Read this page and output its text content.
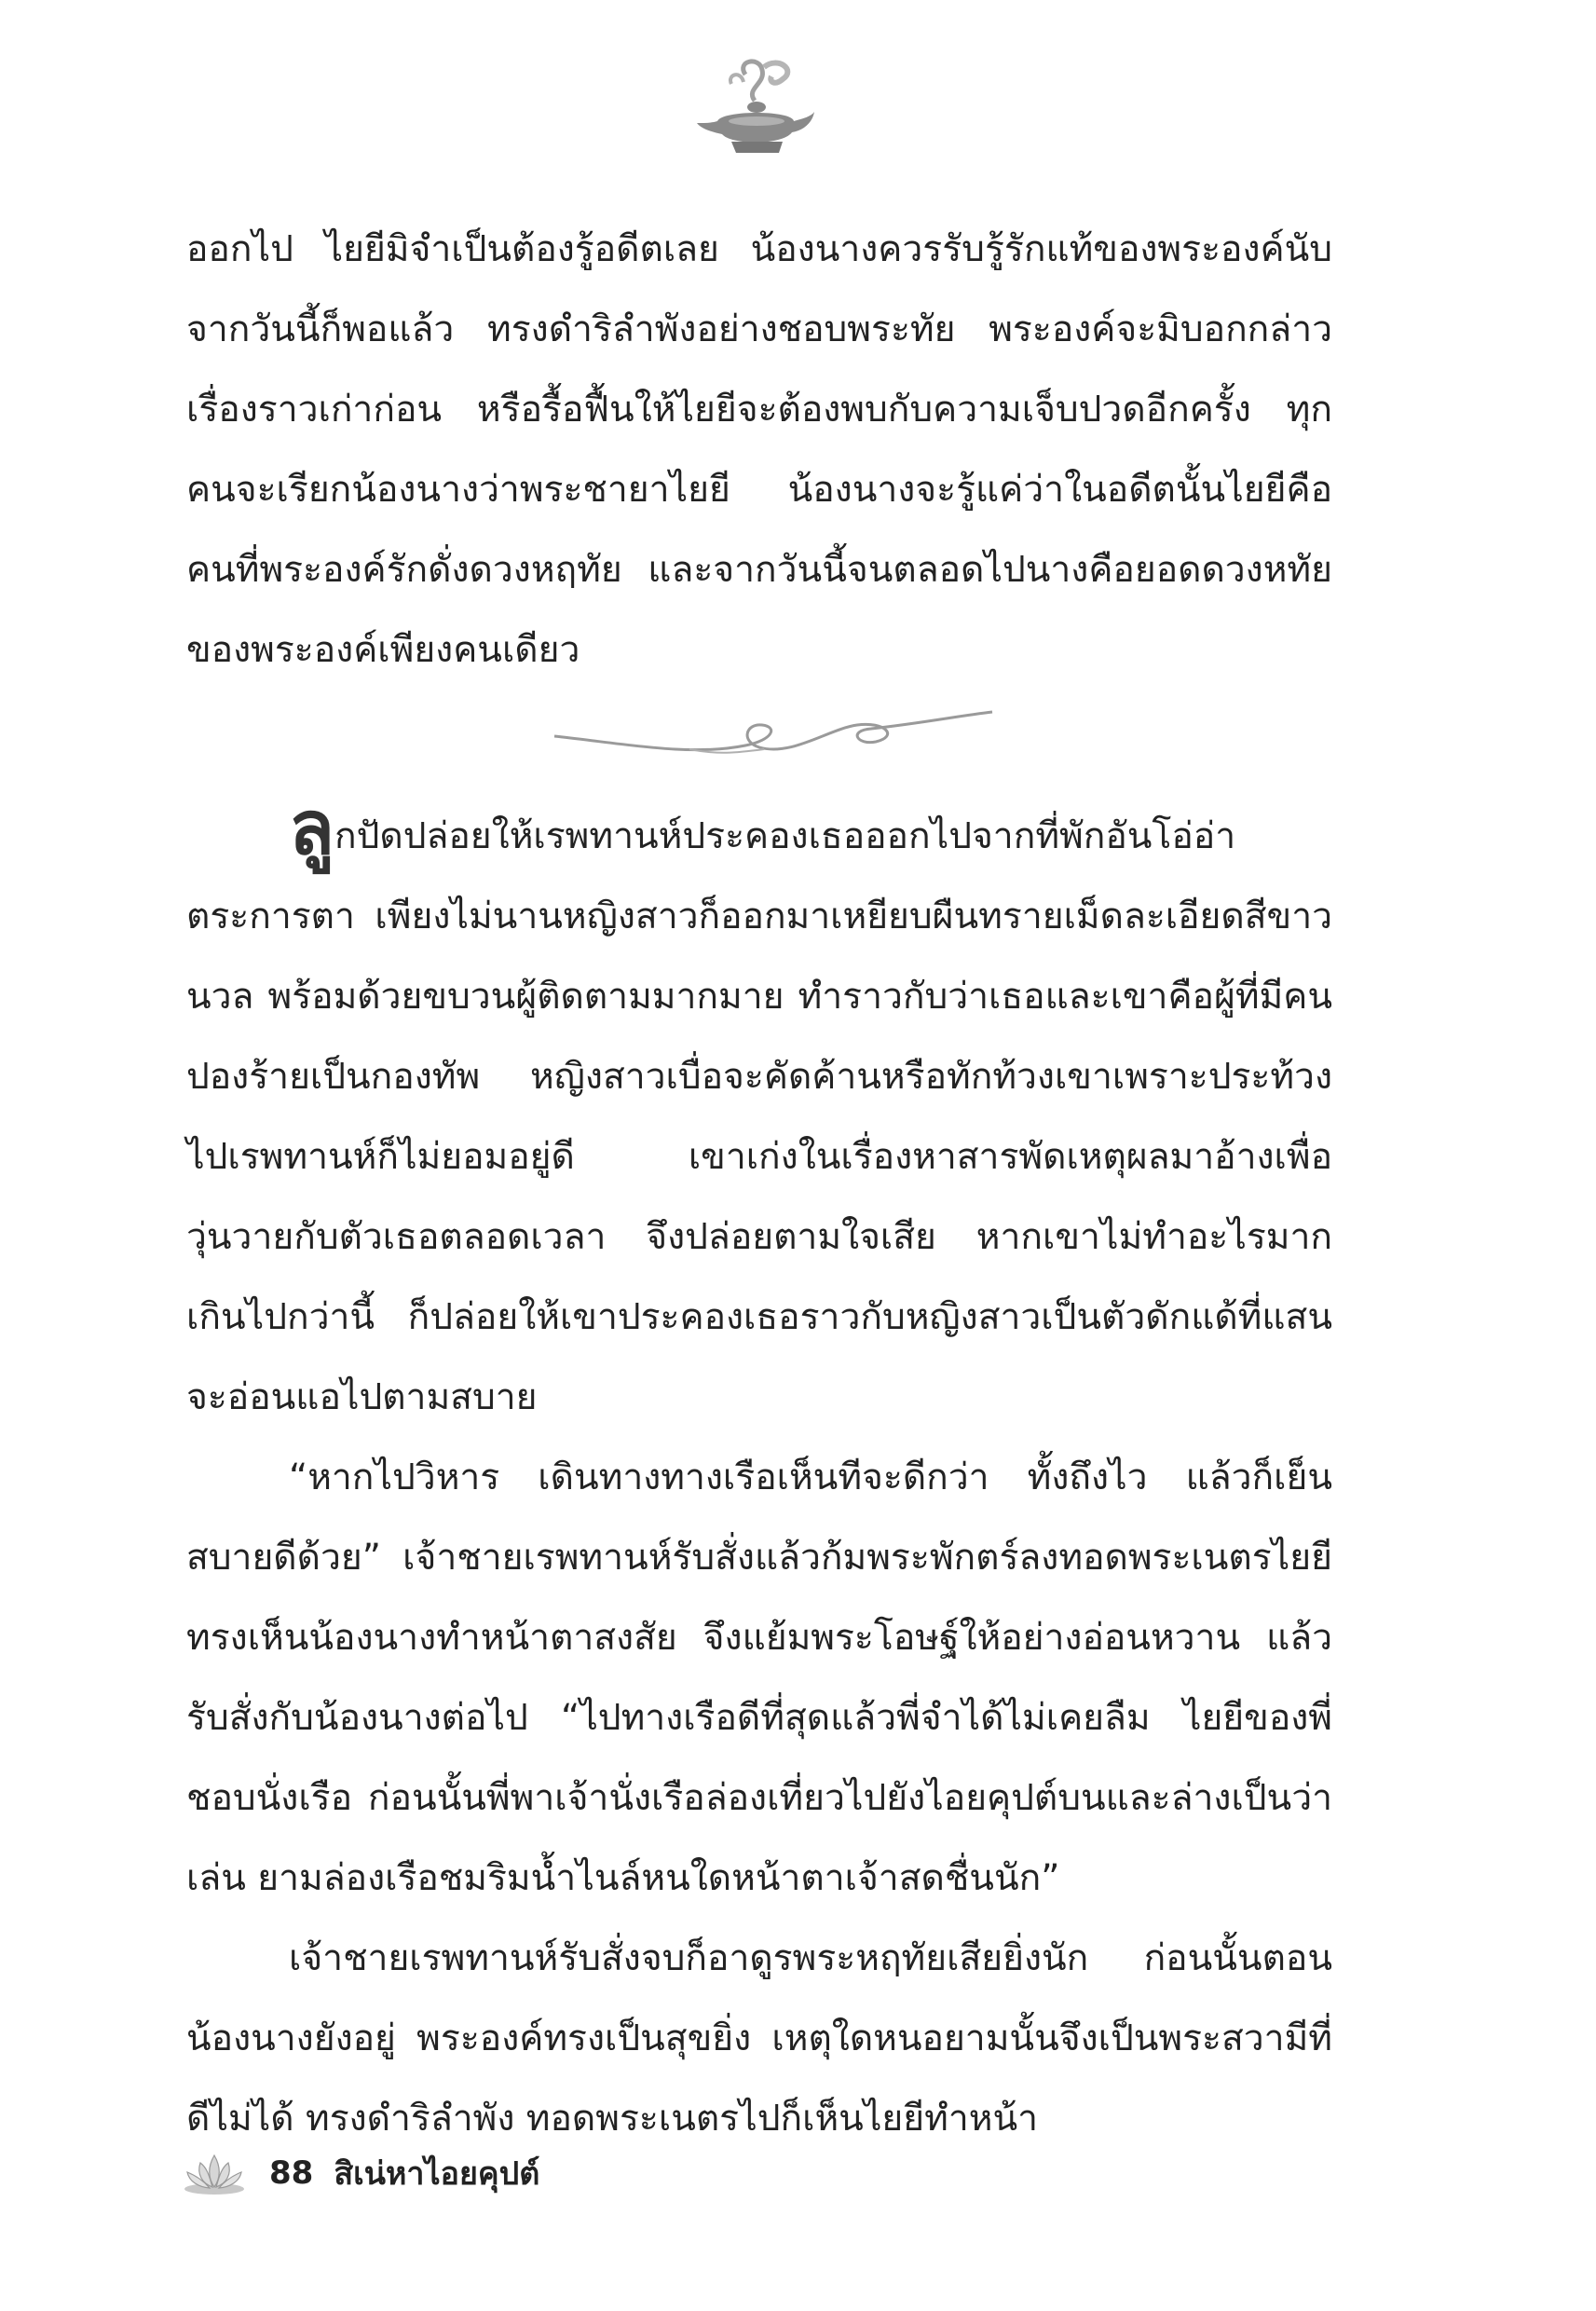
ออกไป ไยยีมิจำเป็นต้องรู้อดีตเลย น้องนางควรรับรู้รักแท้ของพระองค์นับจากวันนี้ก็พอแล้ว ทรงดำริลำพังอย่างชอบพระทัย พระองค์จะมิบอกกล่าวเรื่องราวเก่าก่อน หรือรื้อฟื้นให้ไยยีจะต้องพบกับความเจ็บปวดอีกครั้ง ทุกคนจะเรียกน้องนางว่าพระชายาไยยี น้องนางจะรู้แค่ว่าในอดีตนั้นไยยีคือคนที่พระองค์รักดั่งดวงหฤทัย และจากวันนี้จนตลอดไปนางคือยอดดวงหทัยของพระองค์เพียงคนเดียว

ลูกปัดปล่อยให้เรพทานห์ประคองเธอออกไปจากที่พักอันโอ่อ่าตระการตา เพียงไม่นานหญิงสาวก็ออกมาเหยียบผืนทรายเม็ดละเอียดสีขาวนวล พร้อมด้วยขบวนผู้ติดตามมากมาย ทำราวกับว่าเธอและเขาคือผู้ที่มีคนปองร้ายเป็นกองทัพ หญิงสาวเบื่อจะคัดค้านหรือทักท้วงเขาเพราะประท้วงไปเรพทานห์ก็ไม่ยอมอยู่ดี เขาเก่งในเรื่องหาสารพัดเหตุผลมาอ้างเพื่อวุ่นวายกับตัวเธอตลอดเวลา จึงปล่อยตามใจเสีย หากเขาไม่ทำอะไรมากเกินไปกว่านี้ ก็ปล่อยให้เขาประคองเธอราวกับหญิงสาวเป็นตัวดักแด้ที่แสนจะอ่อนแอไปตามสบาย

“หากไปวิหาร เดินทางทางเรือเห็นทีจะดีกว่า ทั้งถึงไว แล้วก็เย็นสบายดีด้วย” เจ้าชายเรพทานห์รับสั่งแล้วก้มพระพักตร์ลงทอดพระเนตรไยยี ทรงเห็นน้องนางทำหน้าตาสงสัย จึงแย้มพระโอษฐ์ให้อย่างอ่อนหวาน แล้วรับสั่งกับน้องนางต่อไป “ไปทางเรือดีที่สุดแล้วพี่จำได้ไม่เคยลืม ไยยีของพี่ชอบนั่งเรือ ก่อนนั้นพี่พาเจ้านั่งเรือล่องเที่ยวไปยังไอยคุปต์บนและล่างเป็นว่าเล่น ยามล่องเรือชมริมน้ำไนล์หนใดหน้าตาเจ้าสดชื่นนัก”

เจ้าชายเรพทานห์รับสั่งจบก็อาดูรพระหฤทัยเสียยิ่งนัก ก่อนนั้นตอนน้องนางยังอยู่ พระองค์ทรงเป็นสุขยิ่ง เหตุใดหนอยามนั้นจึงเป็นพระสวามีที่ดีไม่ได้ ทรงดำริลำพัง ทอดพระเนตรไปก็เห็นไยยีทำหน้า

88 สิเน่หาไอยคุปต์
